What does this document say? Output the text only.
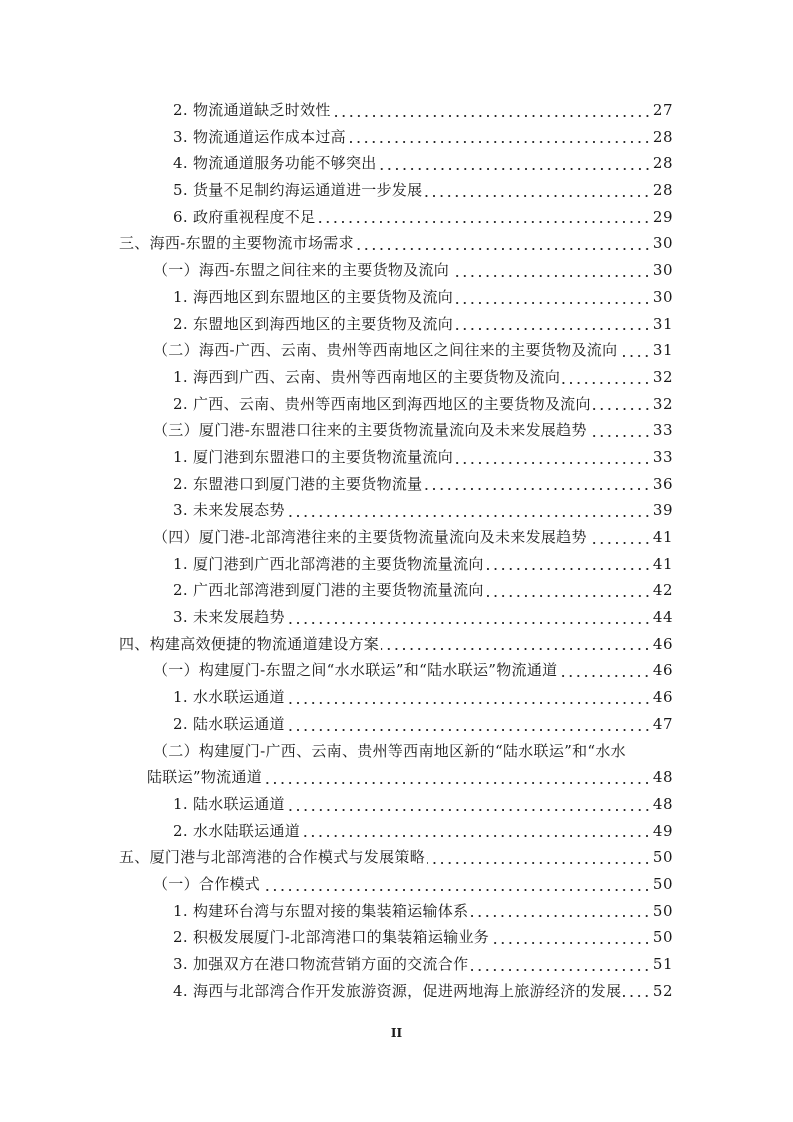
2. 物流通道缺乏时效性	27
3. 物流通道运作成本过高	28
4. 物流通道服务功能不够突出	28
5. 货量不足制约海运通道进一步发展	28
6. 政府重视程度不足	29
三、海西-东盟的主要物流市场需求	30
（一）海西-东盟之间往来的主要货物及流向	30
1. 海西地区到东盟地区的主要货物及流向	30
2. 东盟地区到海西地区的主要货物及流向	31
（二）海西-广西、云南、贵州等西南地区之间往来的主要货物及流向 31
1. 海西到广西、云南、贵州等西南地区的主要货物及流向	32
2. 广西、云南、贵州等西南地区到海西地区的主要货物及流向	32
（三）厦门港-东盟港口往来的主要货物流量流向及未来发展趋势	33
1. 厦门港到东盟港口的主要货物流量流向	33
2. 东盟港口到厦门港的主要货物流量	36
3. 未来发展态势	39
（四）厦门港-北部湾港往来的主要货物流量流向及未来发展趋势	41
1. 厦门港到广西北部湾港的主要货物流量流向	41
2. 广西北部湾港到厦门港的主要货物流量流向	42
3. 未来发展趋势	44
四、构建高效便捷的物流通道建设方案	46
（一）构建厦门-东盟之间“水水联运”和“陆水联运”物流通道	46
1. 水水联运通道	46
2. 陆水联运通道	47
（二）构建厦门-广西、云南、贵州等西南地区新的“陆水联运”和“水水
陆联运”物流通道	48
1. 陆水联运通道	48
2. 水水陆联运通道	49
五、厦门港与北部湾港的合作模式与发展策略	50
（一）合作模式	50
1. 构建环台湾与东盟对接的集装箱运输体系	50
2. 积极发展厦门-北部湾港口的集装箱运输业务	50
3. 加强双方在港口物流营销方面的交流合作	51
4. 海西与北部湾合作开发旅游资源，促进两地海上旅游经济的发展 52
II
